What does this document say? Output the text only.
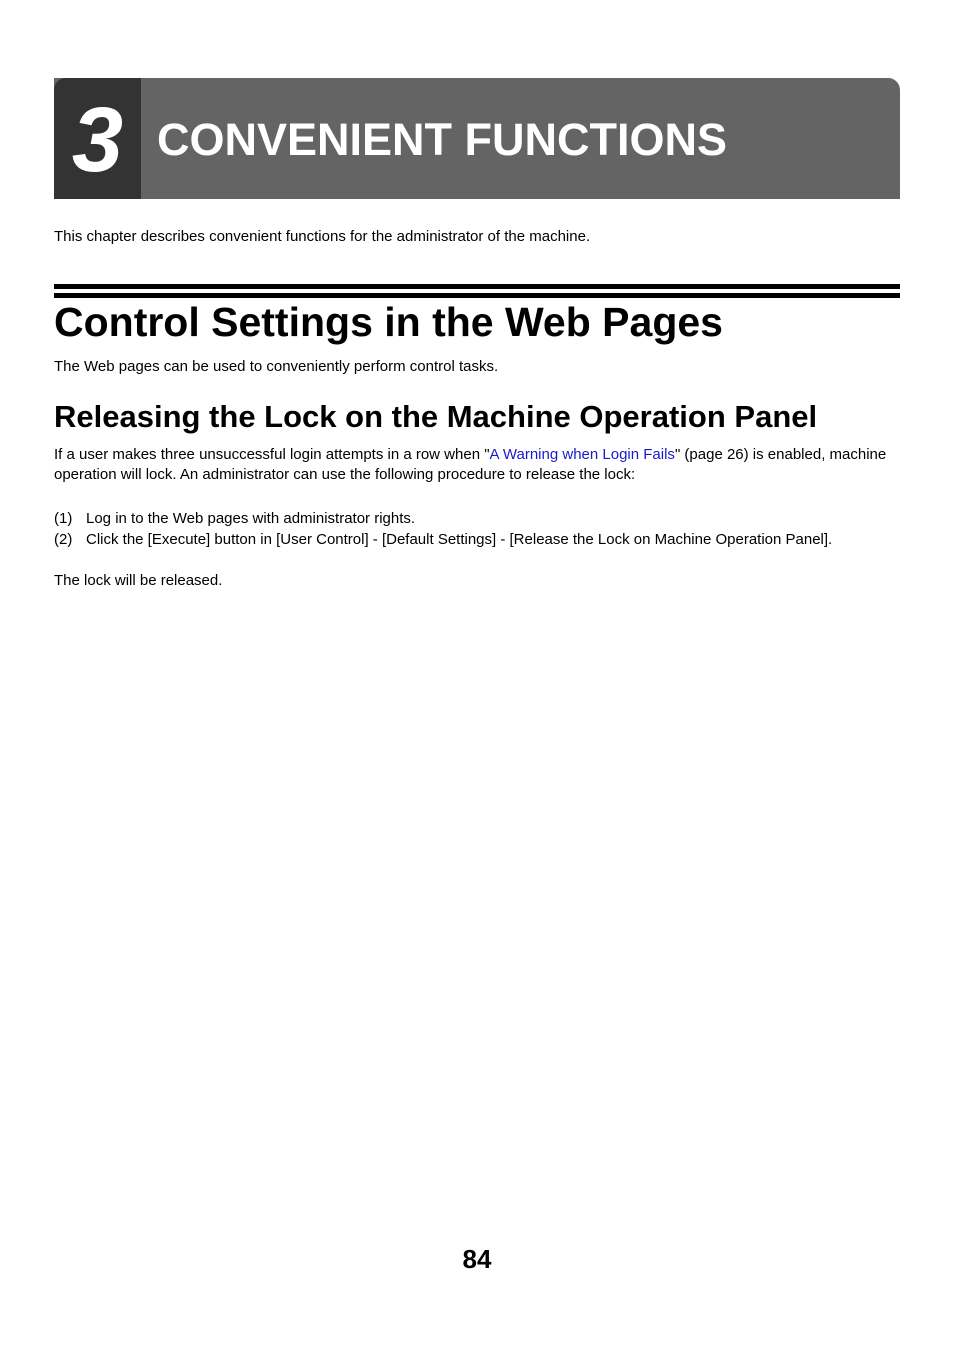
3 CONVENIENT FUNCTIONS
This chapter describes convenient functions for the administrator of the machine.
Control Settings in the Web Pages
The Web pages can be used to conveniently perform control tasks.
Releasing the Lock on the Machine Operation Panel
If a user makes three unsuccessful login attempts in a row when "A Warning when Login Fails" (page 26) is enabled, machine operation will lock. An administrator can use the following procedure to release the lock:
(1) Log in to the Web pages with administrator rights.
(2) Click the [Execute] button in [User Control] - [Default Settings] - [Release the Lock on Machine Operation Panel].
The lock will be released.
84
